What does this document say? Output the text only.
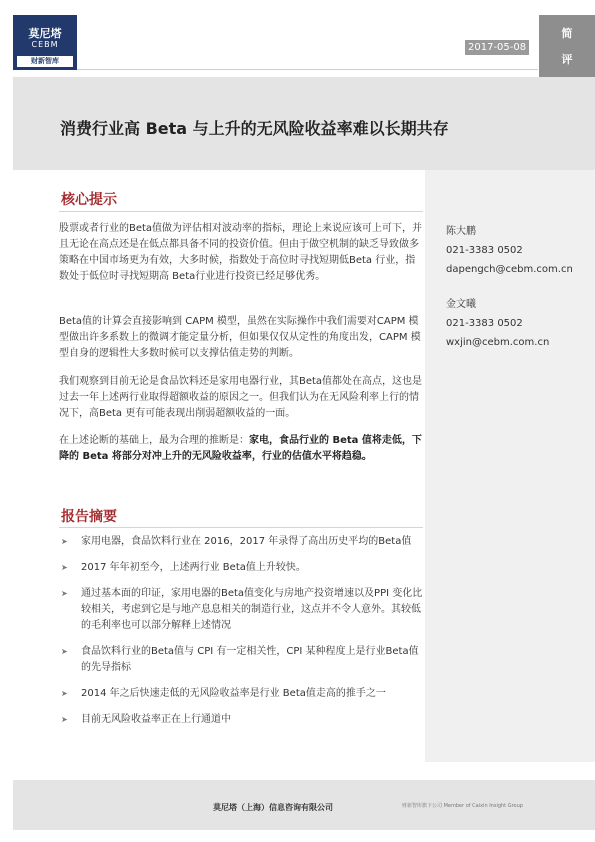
莫尼塔
CEBM
财新智库
2017-05-08
简
评
消费行业高 Beta 与上升的无风险收益率难以长期共存
陈大鹏
021-3383 0502
dapengch@cebm.com.cn
金文曦
021-3383 0502
wxjin@cebm.com.cn
核心提示

股票或者行业的Beta值做为评估相对波动率的指标，理论上来说应该可上可下，并且无论在高点还是在低点都具备不同的投资价值。但由于做空机制的缺乏导致做多策略在中国市场更为有效，大多时候，指数处于高位时寻找短期低Beta 行业，指数处于低位时寻找短期高 Beta行业进行投资已经足够优秀。

Beta值的计算会直接影响到 CAPM 模型，虽然在实际操作中我们需要对CAPM 模型做出许多系数上的微调才能定量分析，但如果仅仅从定性的角度出发，CAPM 模型自身的逻辑性大多数时候可以支撑估值走势的判断。

我们观察到目前无论是食品饮料还是家用电器行业，其Beta值都处在高点，这也是过去一年上述两行业取得超额收益的原因之一。但我们认为在无风险利率上行的情况下，高Beta 更有可能表现出削弱超额收益的一面。

在上述论断的基础上，最为合理的推断是：家电，食品行业的 Beta 值将走低，下降的 Beta 将部分对冲上升的无风险收益率，行业的估值水平将趋稳。

报告摘要
➤ 家用电器，食品饮料行业在 2016，2017 年录得了高出历史平均的Beta值
➤ 2017 年年初至今，上述两行业 Beta值上升较快。
➤ 通过基本面的印证，家用电器的Beta值变化与房地产投资增速以及PPI 变化比较相关，考虑到它是与地产息息相关的制造行业，这点并不令人意外。其较低的毛利率也可以部分解释上述情况
➤ 食品饮料行业的Beta值与 CPI 有一定相关性，CPI 某种程度上是行业Beta值的先导指标
➤ 2014 年之后快速走低的无风险收益率是行业 Beta值走高的推手之一
➤ 目前无风险收益率正在上行通道中
莫尼塔（上海）信息咨询有限公司	财新智库旗下公司 Member of Caixin Insight Group
